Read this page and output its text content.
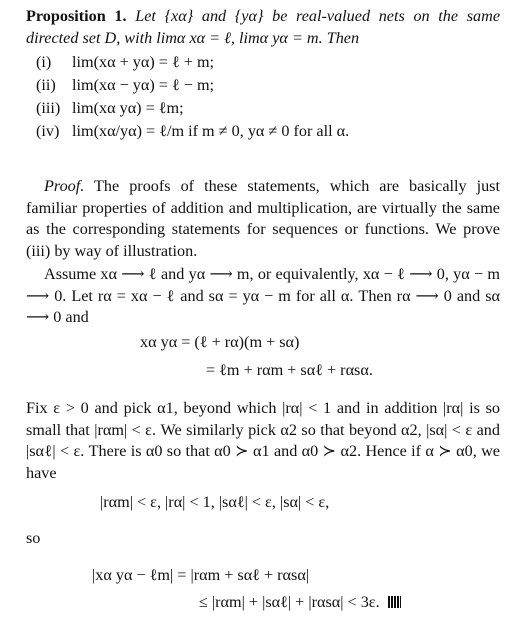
Proposition 1. Let {xα} and {yα} be real-valued nets on the same directed set D, with limα xα = ℓ, limα yα = m. Then
(i)	lim(xα + yα) = ℓ + m;
(ii)	lim(xα − yα) = ℓ − m;
(iii) lim(xα yα) = ℓm;
(iv) lim(xα/yα) = ℓ/m if m ≠ 0, yα ≠ 0 for all α.
Proof. The proofs of these statements, which are basically just familiar properties of addition and multiplication, are virtually the same as the corresponding statements for sequences or functions. We prove (iii) by way of illustration.
Assume xα ⟶ ℓ and yα ⟶ m, or equivalently, xα − ℓ ⟶ 0, yα − m ⟶ 0. Let rα = xα − ℓ and sα = yα − m for all α. Then rα ⟶ 0 and sα ⟶ 0 and
xα yα = (ℓ + rα)(m + sα)
= ℓm + rαm + sαℓ + rαsα.
Fix ε > 0 and pick α1, beyond which |rα| < 1 and in addition |rα| is so small that |rαm| < ε. We similarly pick α2 so that beyond α2, |sα| < ε and |sαℓ| < ε. There is α0 so that α0 ≻ α1 and α0 ≻ α2. Hence if α ≻ α0, we have
|rαm| < ε, |rα| < 1, |sαℓ| < ε, |sα| < ε,
so
|xα yα − ℓm| = |rαm + sαℓ + rαsα|
≤ |rαm| + |sαℓ| + |rαsα| < 3ε.
